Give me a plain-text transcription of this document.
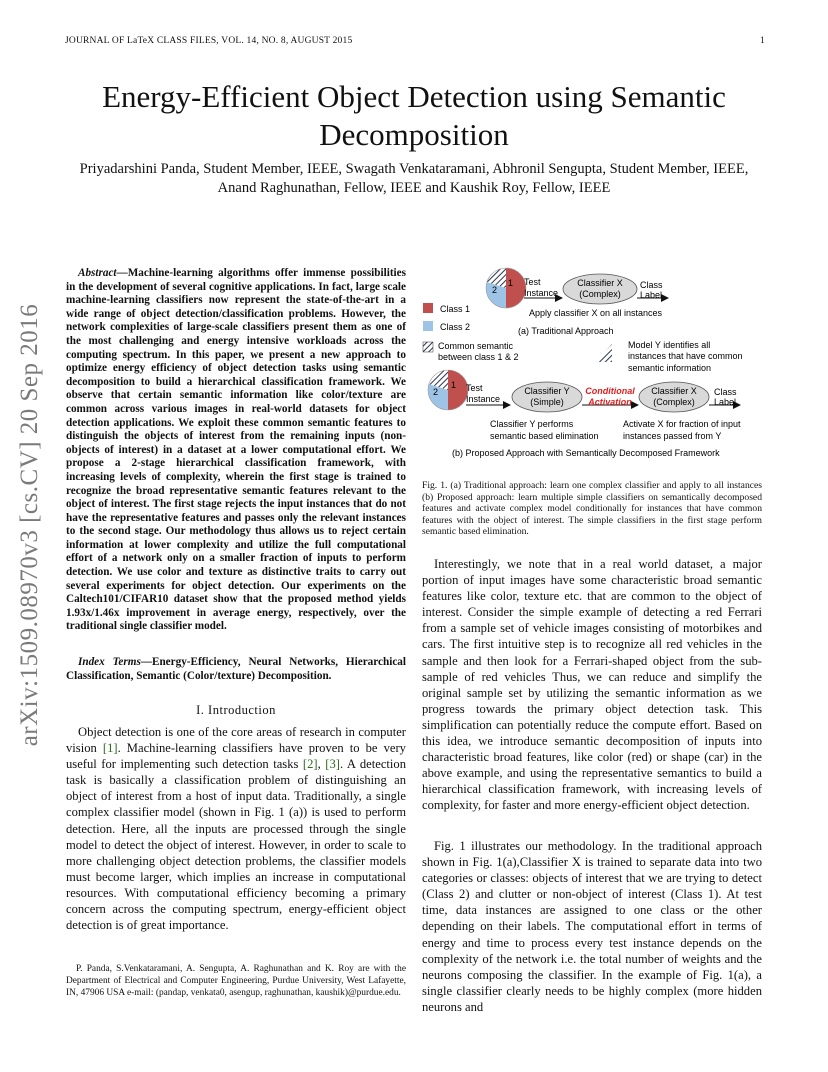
JOURNAL OF LaTeX CLASS FILES, VOL. 14, NO. 8, AUGUST 2015	1
Energy-Efficient Object Detection using Semantic Decomposition
Priyadarshini Panda, Student Member, IEEE, Swagath Venkataramani, Abhronil Sengupta, Student Member, IEEE, Anand Raghunathan, Fellow, IEEE and Kaushik Roy, Fellow, IEEE
arXiv:1509.08970v3 [cs.CV] 20 Sep 2016
Abstract—Machine-learning algorithms offer immense possibilities in the development of several cognitive applications. In fact, large scale machine-learning classifiers now represent the state-of-the-art in a wide range of object detection/classification problems. However, the network complexities of large-scale classifiers present them as one of the most challenging and energy intensive workloads across the computing spectrum. In this paper, we present a new approach to optimize energy efficiency of object detection tasks using semantic decomposition to build a hierarchical classification framework. We observe that certain semantic information like color/texture are common across various images in real-world datasets for object detection applications. We exploit these common semantic features to distinguish the objects of interest from the remaining inputs (non-objects of interest) in a dataset at a lower computational effort. We propose a 2-stage hierarchical classification framework, with increasing levels of complexity, wherein the first stage is trained to recognize the broad representative semantic features relevant to the object of interest. The first stage rejects the input instances that do not have the representative features and passes only the relevant instances to the second stage. Our methodology thus allows us to reject certain information at lower complexity and utilize the full computational effort of a network only on a smaller fraction of inputs to perform detection. We use color and texture as distinctive traits to carry out several experiments for object detection. Our experiments on the Caltech101/CIFAR10 dataset show that the proposed method yields 1.93x/1.46x improvement in average energy, respectively, over the traditional single classifier model.
Index Terms—Energy-Efficiency, Neural Networks, Hierarchical Classification, Semantic (Color/texture) Decomposition.
I. Introduction
Object detection is one of the core areas of research in computer vision [1]. Machine-learning classifiers have proven to be very useful for implementing such detection tasks [2], [3]. A detection task is basically a classification problem of distinguishing an object of interest from a host of input data. Traditionally, a single complex classifier model (shown in Fig. 1 (a)) is used to perform detection. Here, all the inputs are processed through the single model to detect the object of interest. However, in order to scale to more challenging object detection problems, the classifier models must become larger, which implies an increase in computational resources. With computational efficiency becoming a primary concern across the computing spectrum, energy-efficient object detection is of great importance.
P. Panda, S.Venkataramani, A. Sengupta, A. Raghunathan and K. Roy are with the Department of Electrical and Computer Engineering, Purdue University, West Lafayette, IN, 47906 USA e-mail: (pandap, venkata0, asengup, raghunathan, kaushik)@purdue.edu.
1
2
Test
Instance
Classifier X
(Complex)
Class
Label
Class 1
Class 2
Common semantic
between class 1 & 2
Apply classifier X on all instances
(a) Traditional Approach
Model Y identifies all
instances that have common
semantic information
1
2	Test
Instance
Classifier Y
(Simple)
Conditional
Activation
Classifier X
(Complex)
Class
Label
Classifier Y performs
semantic based elimination
Activate X for fraction of input
instances passed from Y
(b) Proposed Approach with Semantically Decomposed Framework
Fig. 1. (a) Traditional approach: learn one complex classifier and apply to all instances (b) Proposed approach: learn multiple simple classifiers on semantically decomposed features and activate complex model conditionally for instances that have common features with the object of interest. The simple classifiers in the first stage perform semantic based elimination.
Interestingly, we note that in a real world dataset, a major portion of input images have some characteristic broad semantic features like color, texture etc. that are common to the object of interest. Consider the simple example of detecting a red Ferrari from a sample set of vehicle images consisting of motorbikes and cars. The first intuitive step is to recognize all red vehicles in the sample and then look for a Ferrari-shaped object from the sub-sample of red vehicles Thus, we can reduce and simplify the original sample set by utilizing the semantic information as we progress towards the primary object detection task. This simplification can potentially reduce the compute effort. Based on this idea, we introduce semantic decomposition of inputs into characteristic broad features, like color (red) or shape (car) in the above example, and using the representative semantics to build a hierarchical classification framework, with increasing levels of complexity, for faster and more energy-efficient object detection.
Fig. 1 illustrates our methodology. In the traditional approach shown in Fig. 1(a),Classifier X is trained to separate data into two categories or classes: objects of interest that we are trying to detect (Class 2) and clutter or non-object of interest (Class 1). At test time, data instances are assigned to one class or the other depending on their labels. The computational effort in terms of energy and time to process every test instance depends on the complexity of the network i.e. the total number of weights and the neurons composing the classifier. In the example of Fig. 1(a), a single classifier clearly needs to be highly complex (more hidden neurons and
